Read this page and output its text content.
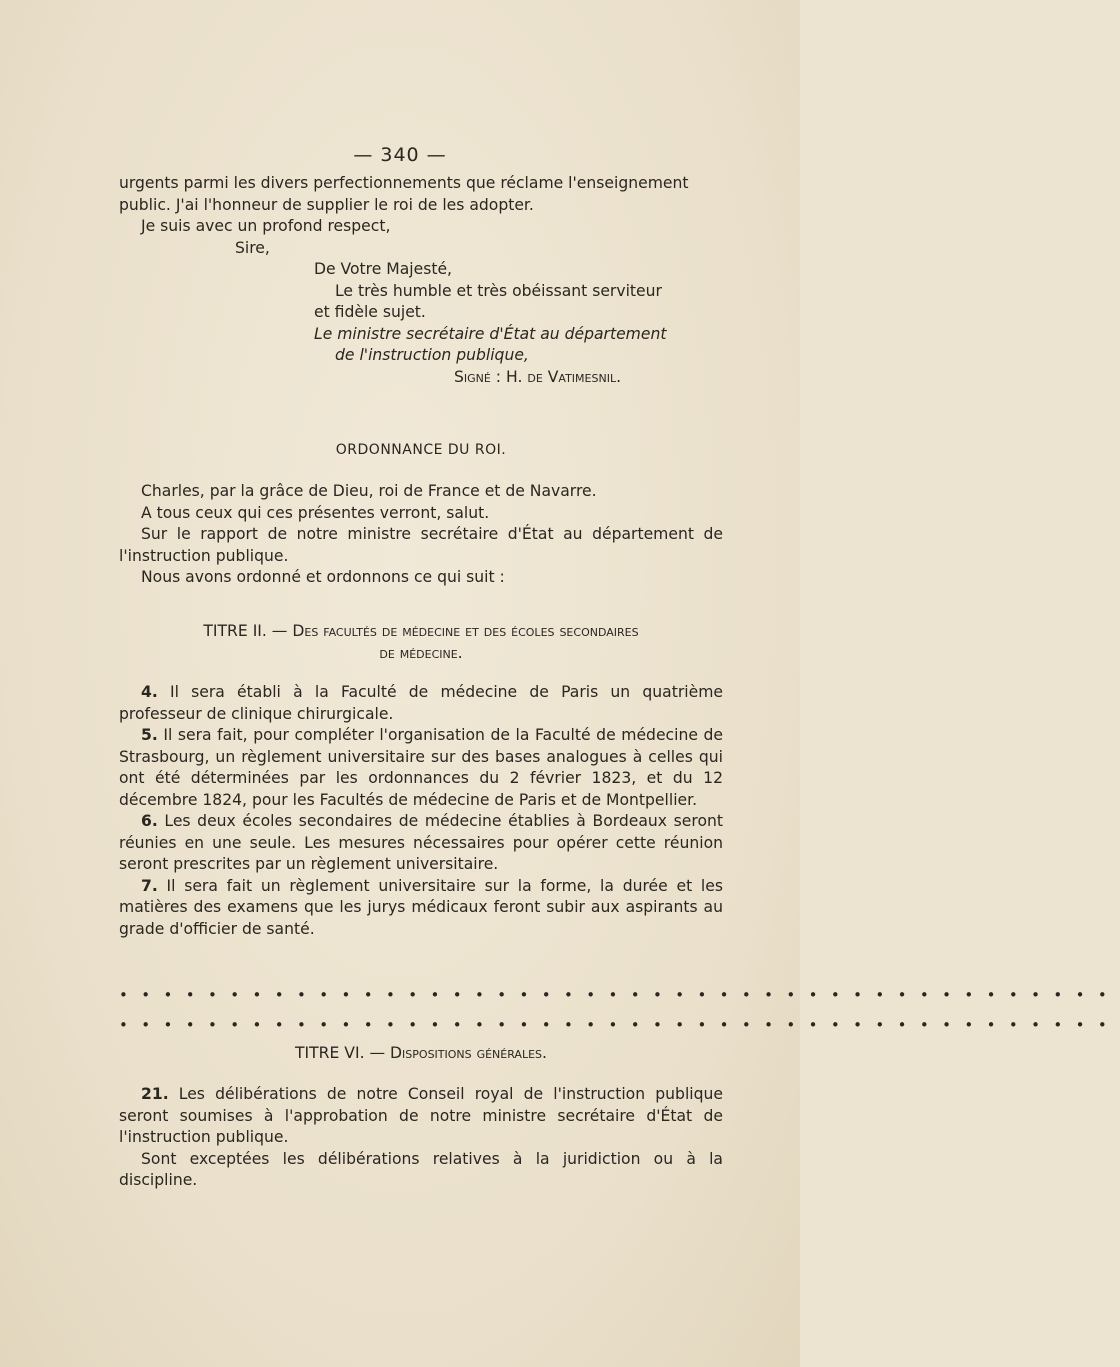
— 340 —

urgents parmi les divers perfectionnements que réclame l'enseignement

public. J'ai l'honneur de supplier le roi de les adopter.

Je suis avec un profond respect,

Sire,

De Votre Majesté,

Le très humble et très obéissant serviteur

et fidèle sujet.

Le ministre secrétaire d'État au département

de l'instruction publique,

Signé : H. de Vatimesnil.

ORDONNANCE DU ROI.

Charles, par la grâce de Dieu, roi de France et de Navarre.

A tous ceux qui ces présentes verront, salut.

Sur le rapport de notre ministre secrétaire d'État au département de l'instruction publique.

Nous avons ordonné et ordonnons ce qui suit :

TITRE II. — Des facultés de médecine et des écoles secondaires
de médecine.

4. Il sera établi à la Faculté de médecine de Paris un quatrième professeur de clinique chirurgicale.

5. Il sera fait, pour compléter l'organisation de la Faculté de médecine de Strasbourg, un règlement universitaire sur des bases analogues à celles qui ont été déterminées par les ordonnances du 2 février 1823, et du 12 décembre 1824, pour les Facultés de médecine de Paris et de Montpellier.

6. Les deux écoles secondaires de médecine établies à Bordeaux seront réunies en une seule. Les mesures nécessaires pour opérer cette réunion seront prescrites par un règlement universitaire.

7. Il sera fait un règlement universitaire sur la forme, la durée et les matières des examens que les jurys médicaux feront subir aux aspirants au grade d'officier de santé.

•••••••••••••••••••••••••••••••••••••••••••••
•••••••••••••••••••••••••••••••••••••••••••••
TITRE VI. — Dispositions générales.

21. Les délibérations de notre Conseil royal de l'instruction publique seront soumises à l'approbation de notre ministre secrétaire d'État de l'instruction publique.

Sont exceptées les délibérations relatives à la juridiction ou à la discipline.
